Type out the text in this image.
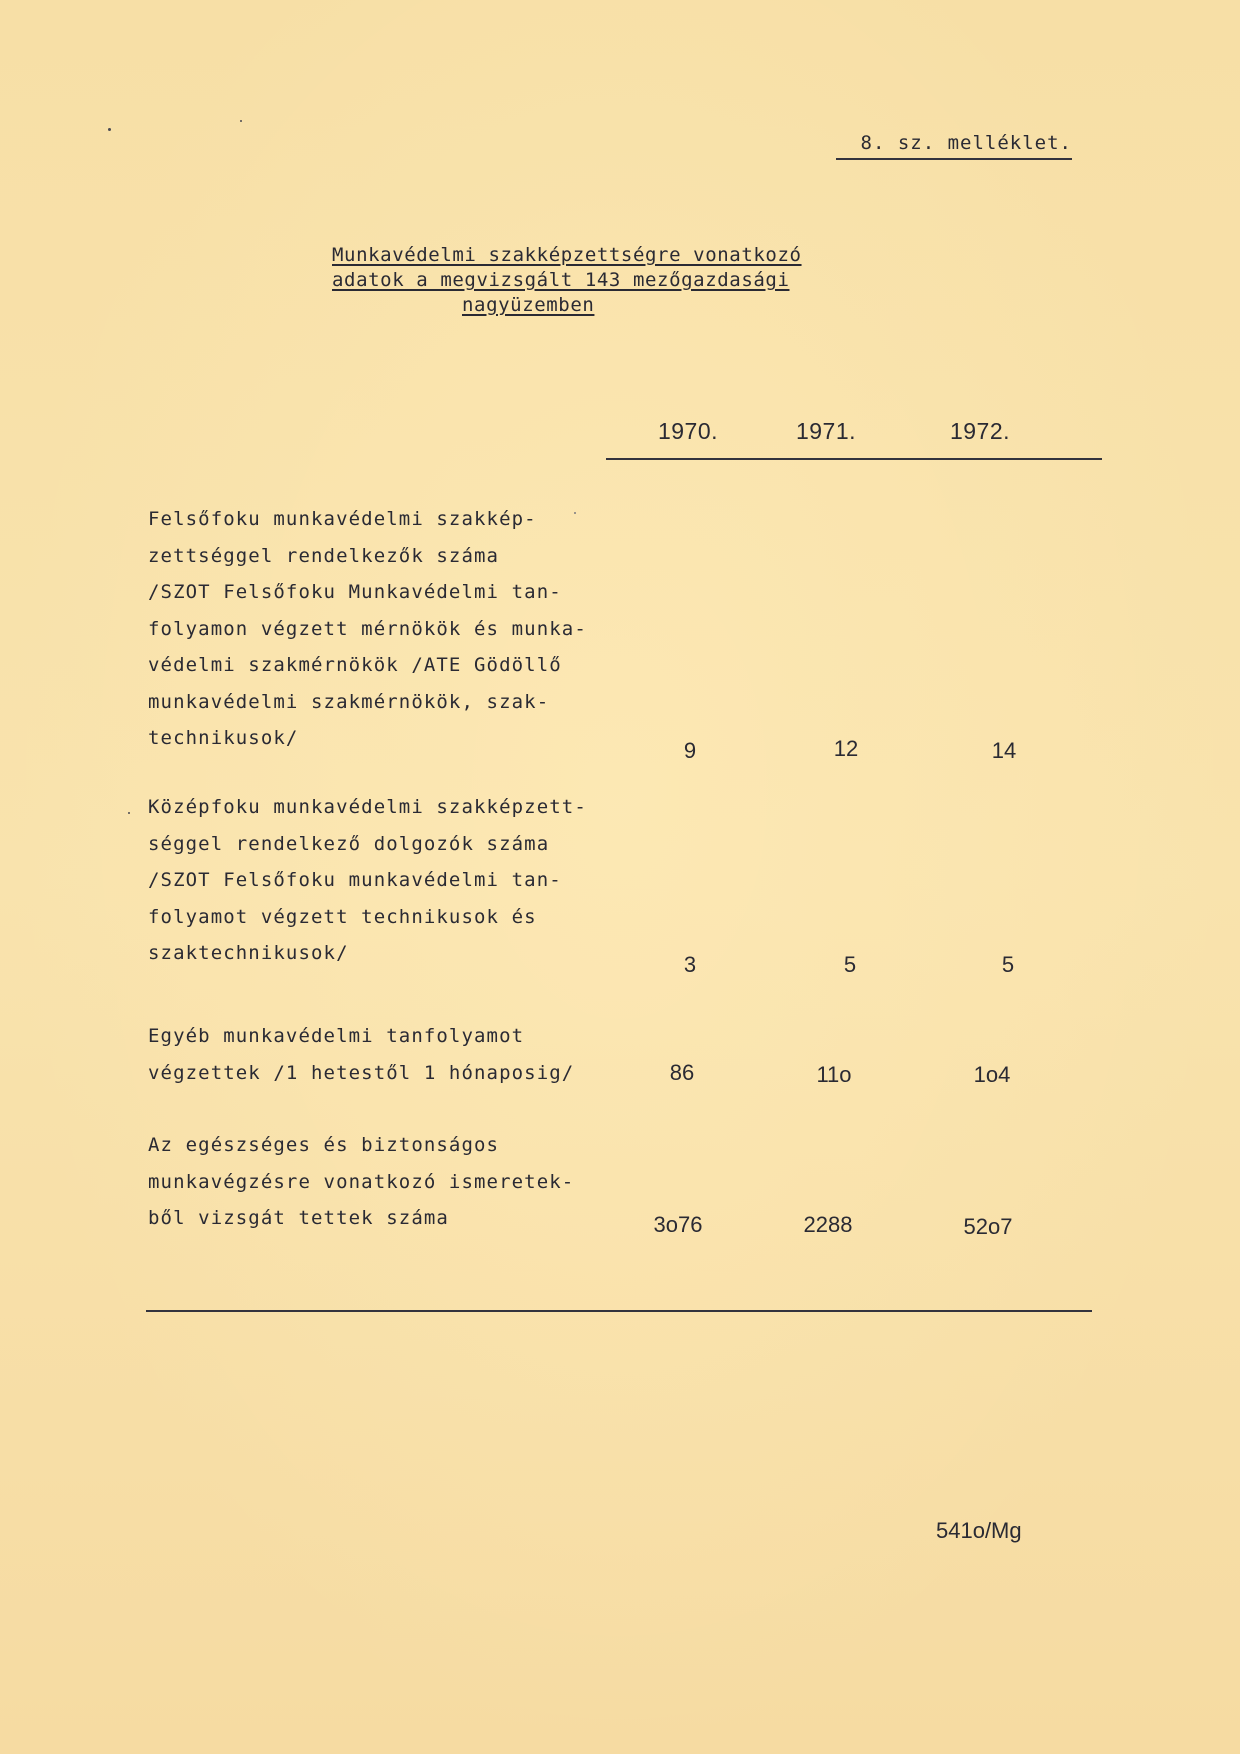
8. sz. melléklet.
Munkavédelmi szakképzettségre vonatkozó
adatok a megvizsgált 143 mezőgazdasági
nagyüzemben
1970.	1971.	1972.
Felsőfoku munkavédelmi szakkép-
zettséggel rendelkezők száma
/SZOT Felsőfoku Munkavédelmi tan-
folyamon végzett mérnökök és munka-
védelmi szakmérnökök /ATE Gödöllő
munkavédelmi szakmérnökök, szak-
technikusok/	9	12	14
Középfoku munkavédelmi szakképzett-
séggel rendelkező dolgozók száma
/SZOT Felsőfoku munkavédelmi tan-
folyamot végzett technikusok és
szaktechnikusok/	3	5	5
Egyéb munkavédelmi tanfolyamot
végzettek /1 hetestől 1 hónaposig/	86	11o	1o4
Az egészséges és biztonságos
munkavégzésre vonatkozó ismeretek-
ből vizsgát tettek száma	3o76	2288	52o7
541o/Mg
